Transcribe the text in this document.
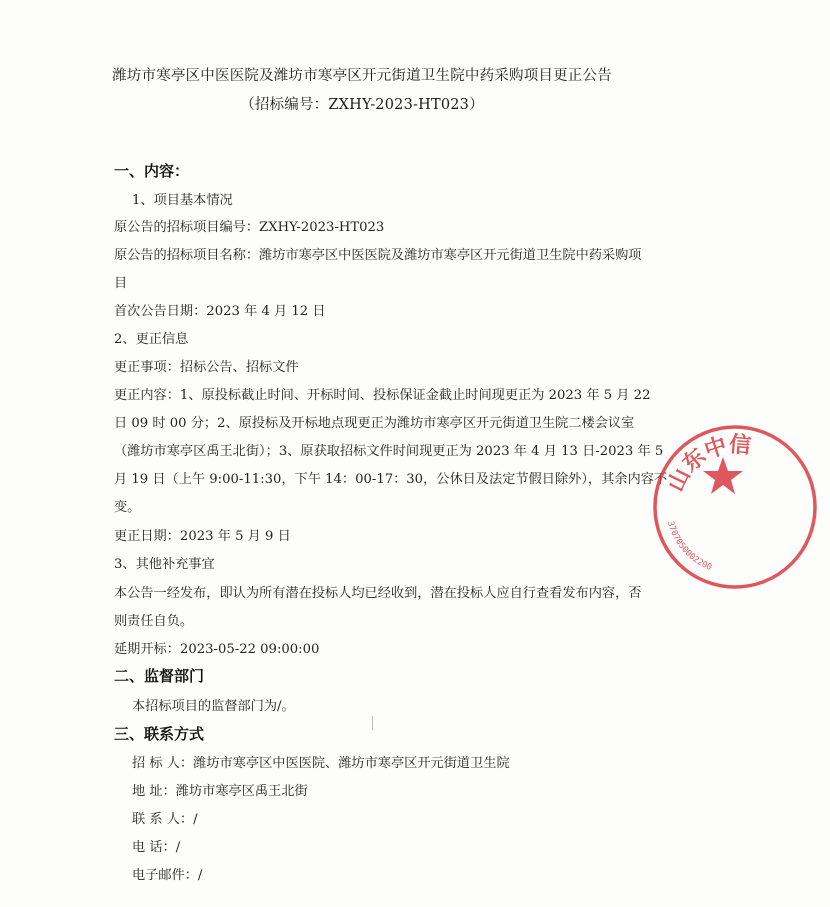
潍坊市寒亭区中医医院及潍坊市寒亭区开元街道卫生院中药采购项目更正公告
（招标编号：ZXHY-2023-HT023）
一、内容：
1、项目基本情况
原公告的招标项目编号：ZXHY-2023-HT023
原公告的招标项目名称：潍坊市寒亭区中医医院及潍坊市寒亭区开元街道卫生院中药采购项
目
首次公告日期：2023 年 4 月 12 日
2、更正信息
更正事项：招标公告、招标文件
更正内容：1、原投标截止时间、开标时间、投标保证金截止时间现更正为 2023 年 5 月 22
日 09 时 00 分；2、原投标及开标地点现更正为潍坊市寒亭区开元街道卫生院二楼会议室
（潍坊市寒亭区禹王北街）；3、原获取招标文件时间现更正为 2023 年 4 月 13 日-2023 年 5
月 19 日（上午 9:00-11:30，下午 14：00-17：30，公休日及法定节假日除外），其余内容不
变。
更正日期：2023 年 5 月 9 日
3、其他补充事宜
本公告一经发布，即认为所有潜在投标人均已经收到，潜在投标人应自行查看发布内容，否
则责任自负。
延期开标：2023-05-22 09:00:00
二、监督部门
本招标项目的监督部门为/。
三、联系方式
招 标 人：潍坊市寒亭区中医医院、潍坊市寒亭区开元街道卫生院
地 址：潍坊市寒亭区禹王北街
联 系 人：/
电 话：/
电子邮件：/
山东中信
3707050002200
